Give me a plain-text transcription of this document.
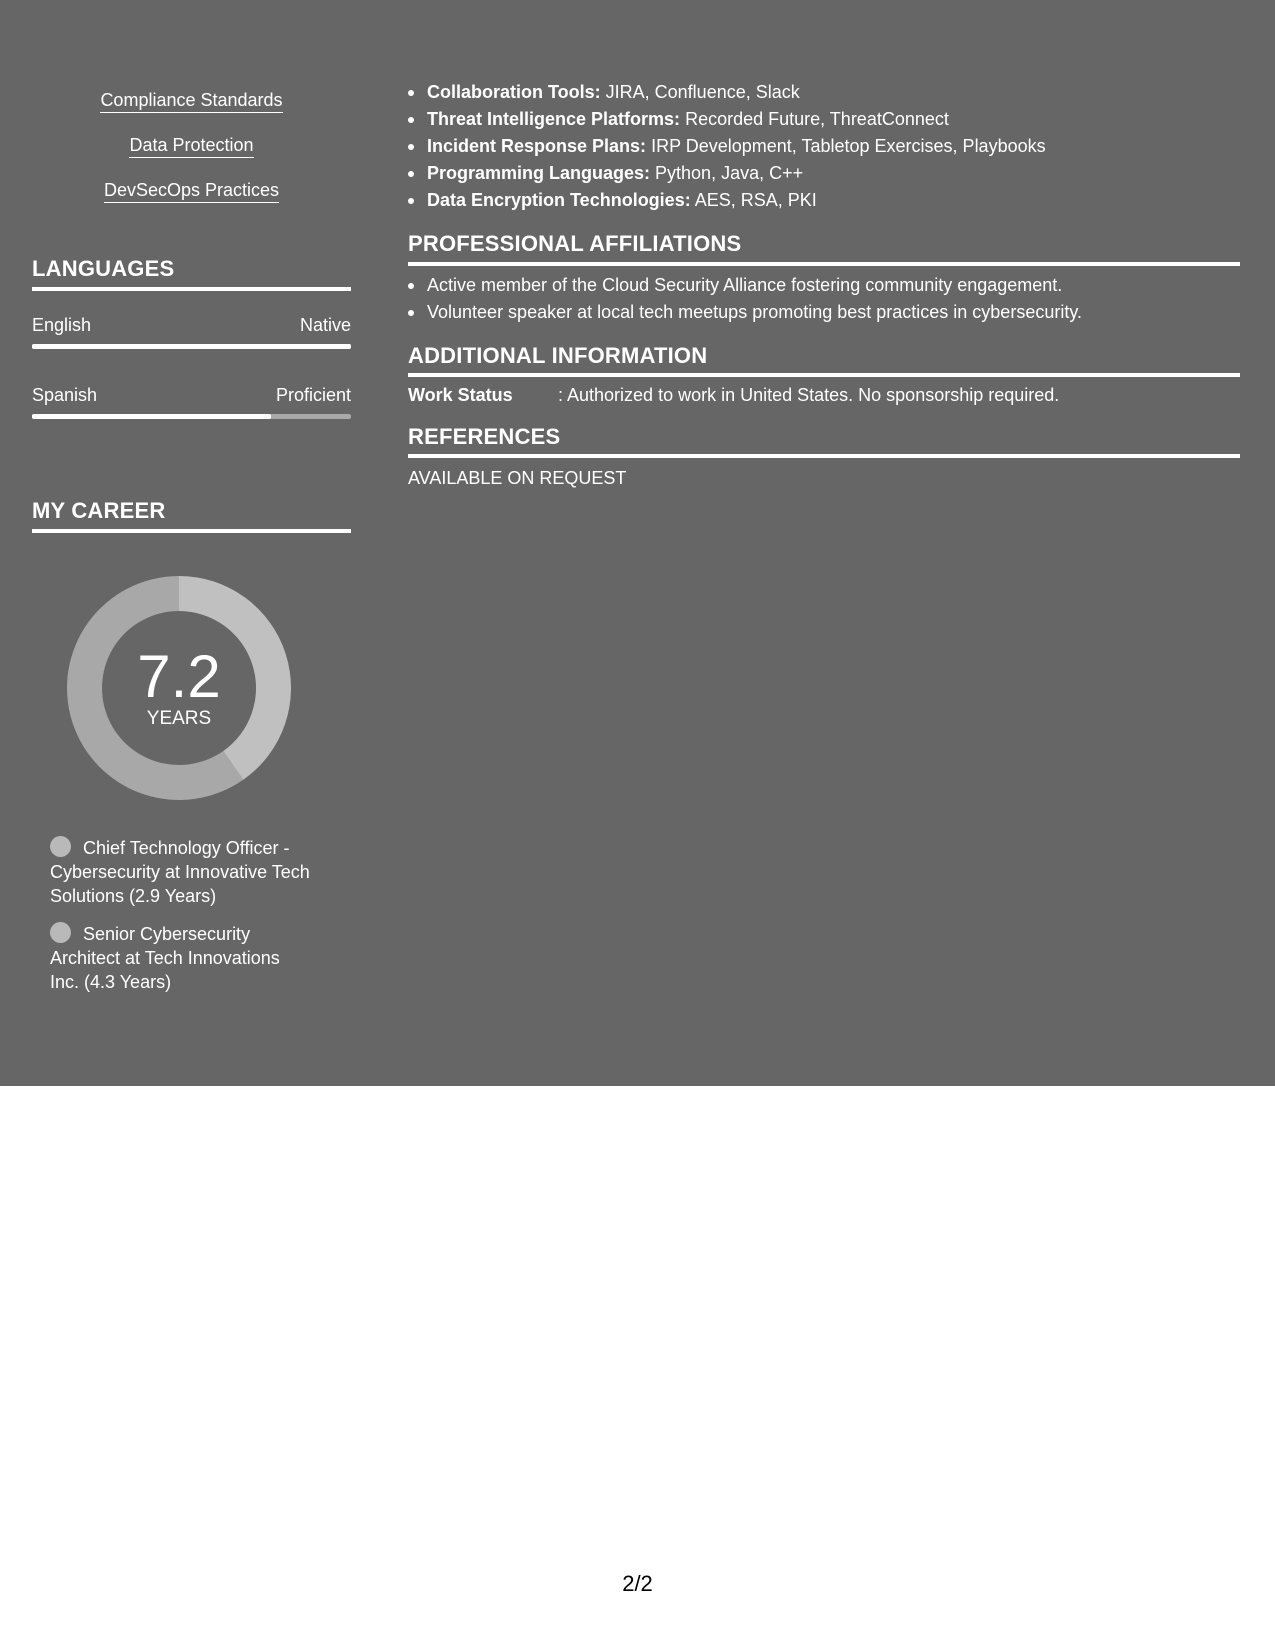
Compliance Standards
Data Protection
DevSecOps Practices
LANGUAGES
English	Native
Spanish	Proficient
MY CAREER
7.2
YEARS
Chief Technology Officer - Cybersecurity at Innovative Tech Solutions (2.9 Years)
Senior Cybersecurity Architect at Tech Innovations Inc. (4.3 Years)
Collaboration Tools: JIRA, Confluence, Slack
Threat Intelligence Platforms: Recorded Future, ThreatConnect
Incident Response Plans: IRP Development, Tabletop Exercises, Playbooks
Programming Languages: Python, Java, C++
Data Encryption Technologies: AES, RSA, PKI
PROFESSIONAL AFFILIATIONS
Active member of the Cloud Security Alliance fostering community engagement.
Volunteer speaker at local tech meetups promoting best practices in cybersecurity.
ADDITIONAL INFORMATION
Work Status	: Authorized to work in United States. No sponsorship required.
REFERENCES
AVAILABLE ON REQUEST
2/2
